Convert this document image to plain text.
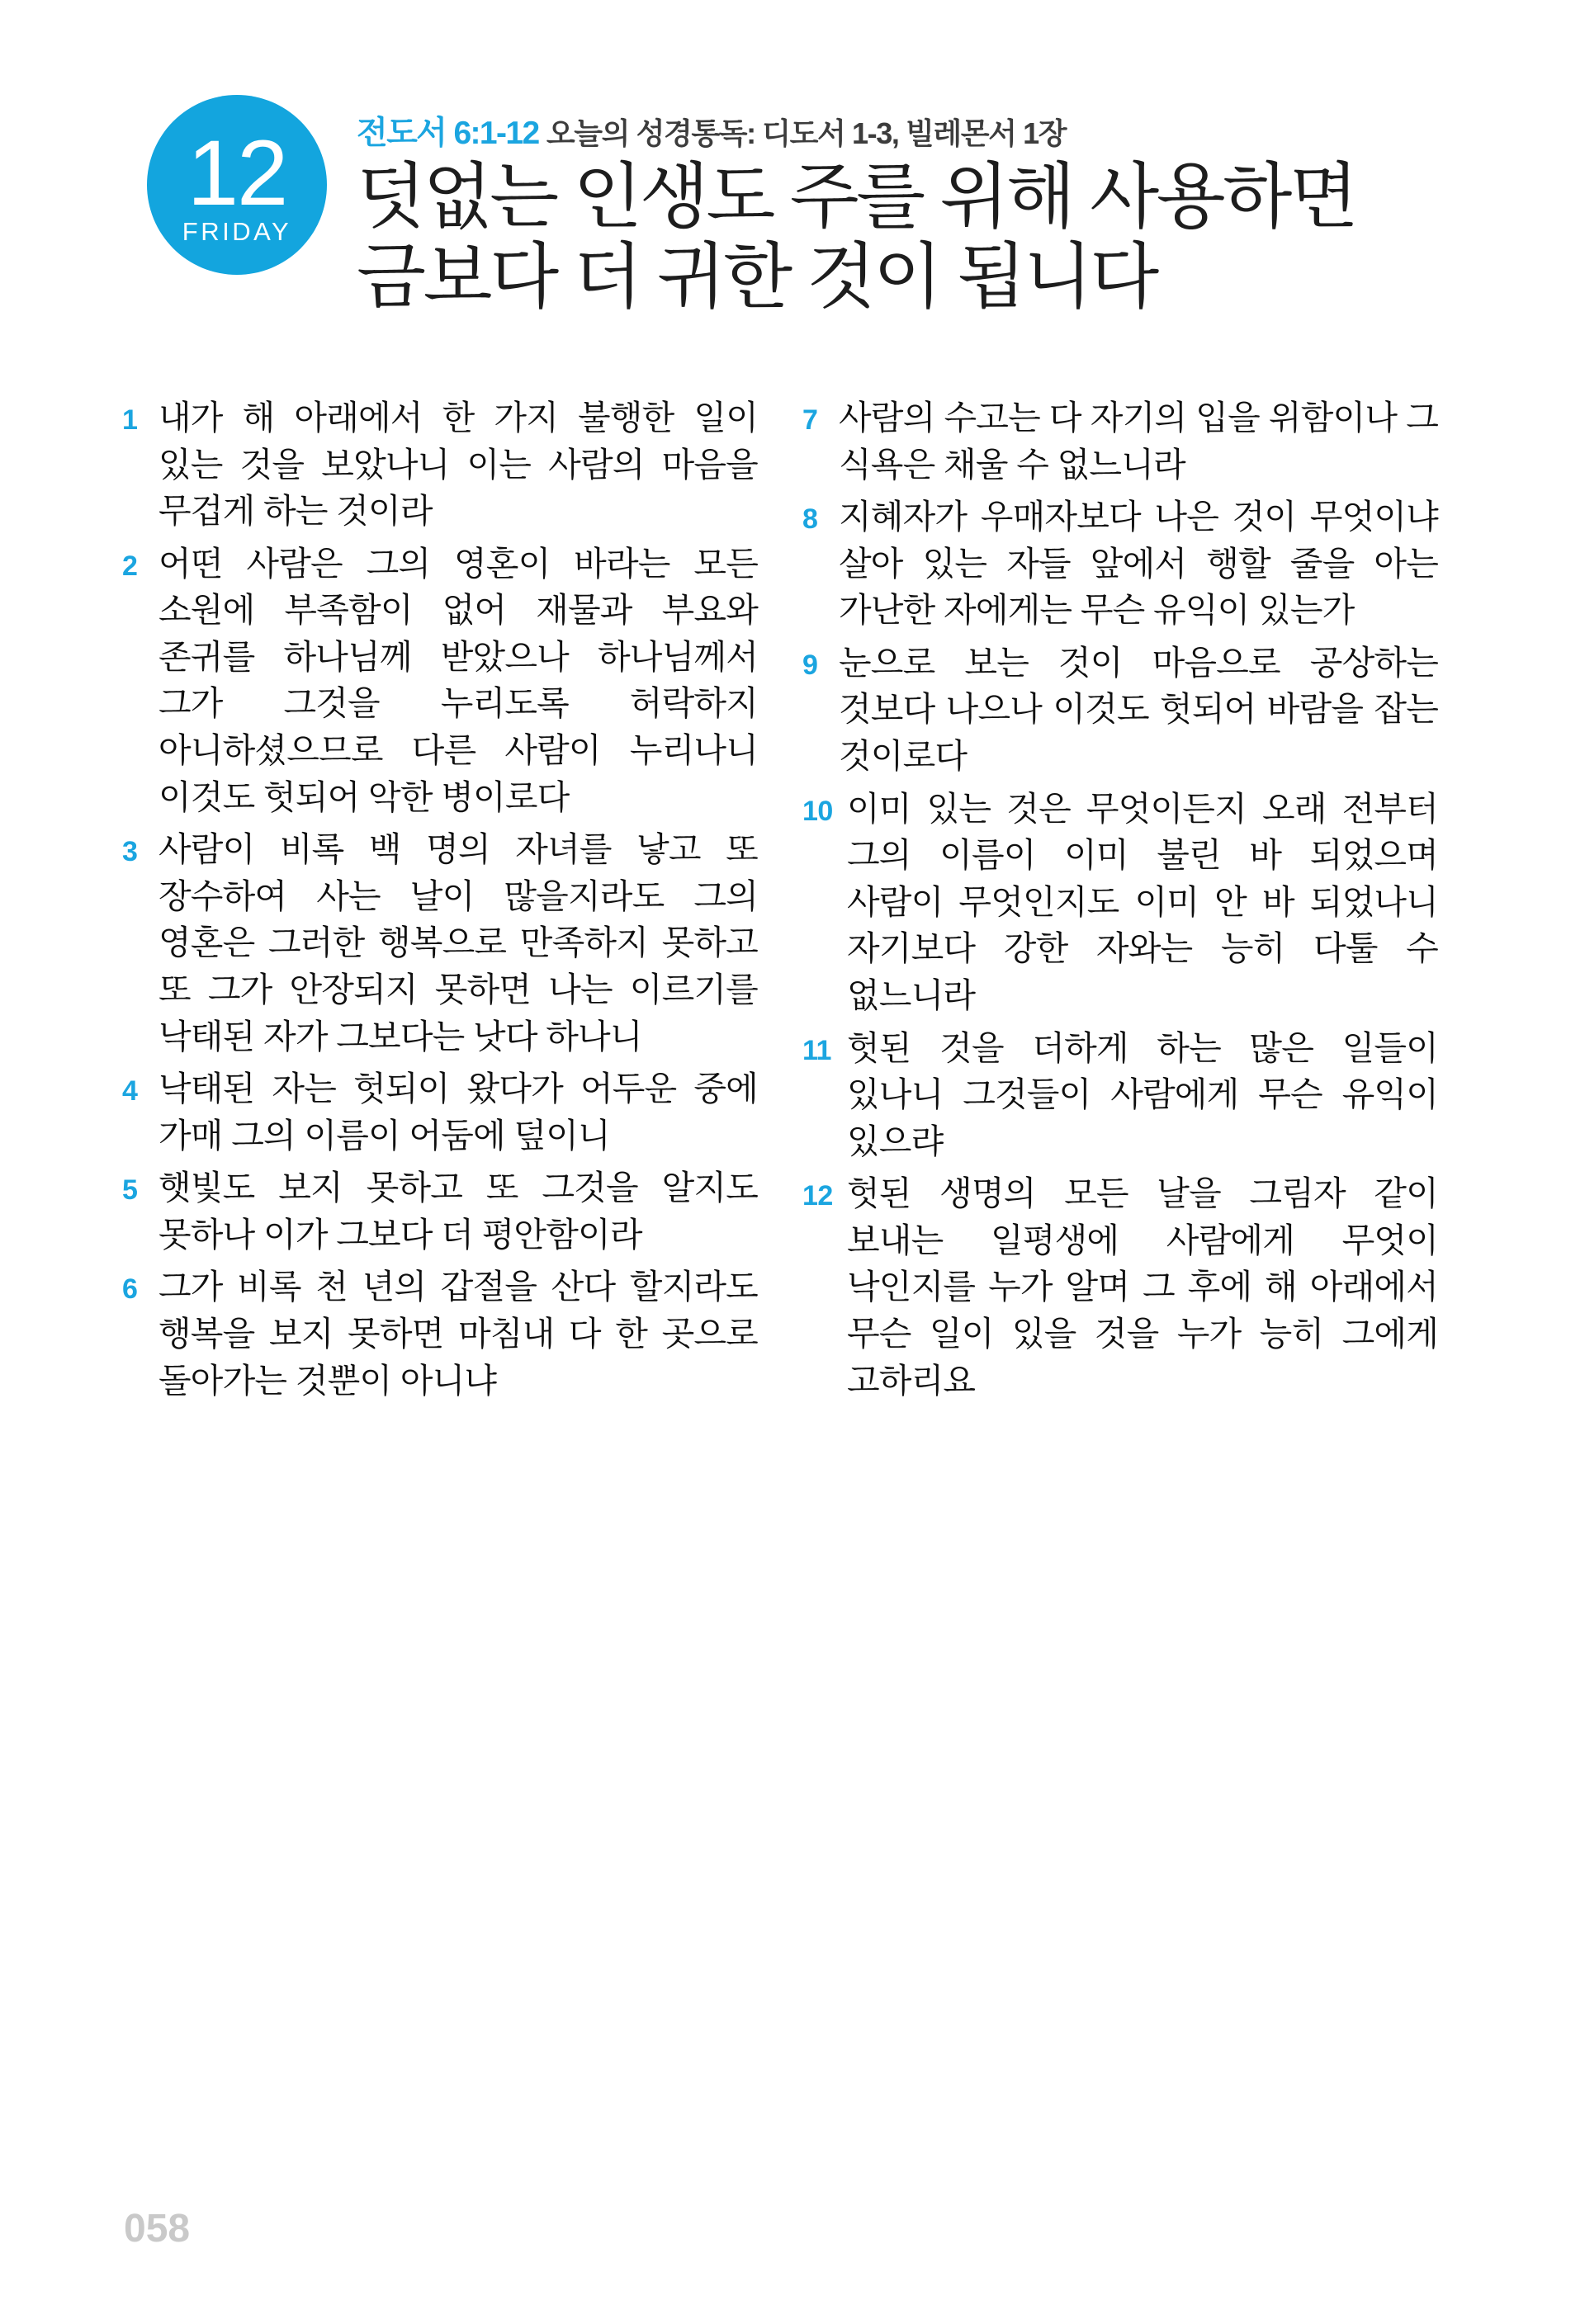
12
FRIDAY
전도서 6:1-12 오늘의 성경통독: 디도서 1-3, 빌레몬서 1장
덧없는 인생도 주를 위해 사용하면
금보다 더 귀한 것이 됩니다
1 내가 해 아래에서 한 가지 불행한 일이 있는 것을 보았나니 이는 사람의 마음을 무겁게 하는 것이라
2 어떤 사람은 그의 영혼이 바라는 모든 소원에 부족함이 없어 재물과 부요와 존귀를 하나님께 받았으나 하나님께서 그가 그것을 누리도록 허락하지 아니하셨으므로 다른 사람이 누리나니 이것도 헛되어 악한 병이로다
3 사람이 비록 백 명의 자녀를 낳고 또 장수하여 사는 날이 많을지라도 그의 영혼은 그러한 행복으로 만족하지 못하고 또 그가 안장되지 못하면 나는 이르기를 낙태된 자가 그보다는 낫다 하나니
4 낙태된 자는 헛되이 왔다가 어두운 중에 가매 그의 이름이 어둠에 덮이니
5 햇빛도 보지 못하고 또 그것을 알지도 못하나 이가 그보다 더 평안함이라
6 그가 비록 천 년의 갑절을 산다 할지라도 행복을 보지 못하면 마침내 다 한 곳으로 돌아가는 것뿐이 아니냐
7 사람의 수고는 다 자기의 입을 위함이나 그 식욕은 채울 수 없느니라
8 지혜자가 우매자보다 나은 것이 무엇이냐 살아 있는 자들 앞에서 행할 줄을 아는 가난한 자에게는 무슨 유익이 있는가
9 눈으로 보는 것이 마음으로 공상하는 것보다 나으나 이것도 헛되어 바람을 잡는 것이로다
10 이미 있는 것은 무엇이든지 오래 전부터 그의 이름이 이미 불린 바 되었으며 사람이 무엇인지도 이미 안 바 되었나니 자기보다 강한 자와는 능히 다툴 수 없느니라
11 헛된 것을 더하게 하는 많은 일들이 있나니 그것들이 사람에게 무슨 유익이 있으랴
12 헛된 생명의 모든 날을 그림자 같이 보내는 일평생에 사람에게 무엇이 낙인지를 누가 알며 그 후에 해 아래에서 무슨 일이 있을 것을 누가 능히 그에게 고하리요
058
